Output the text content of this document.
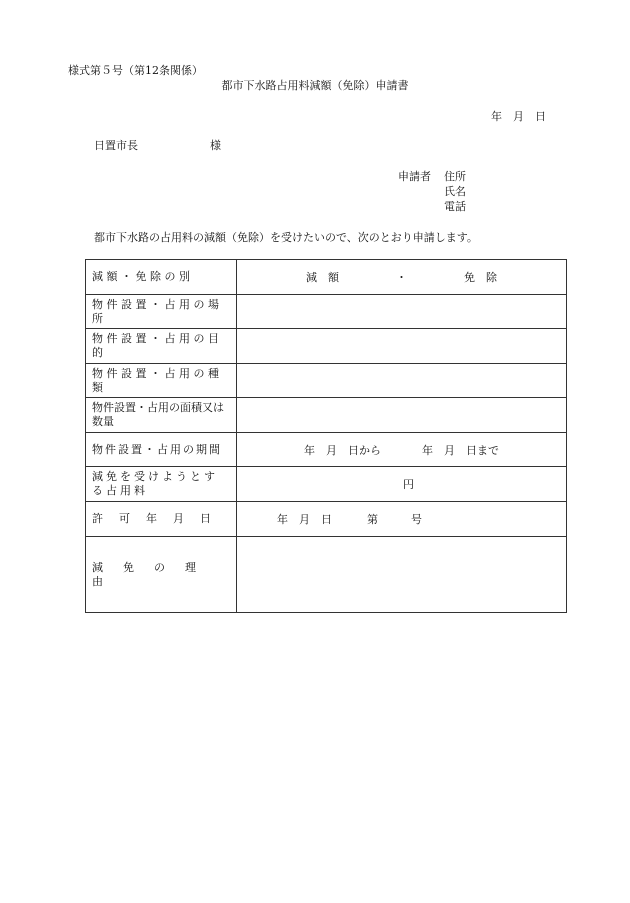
様式第５号（第12条関係）
都市下水路占用料減額（免除）申請書
年　月　日
日置市長	様
申請者 住所
氏名
電話
都市下水路の占用料の減額（免除）を受けたいので、次のとおり申請します。
減額・免除の別	減　額 ・ 免　除
物件設置・占用の場所	
物件設置・占用の目的	
物件設置・占用の種類	
物件設置・占用の面積又は数量	
物件設置・占用の期間	年　月　日から 年　月　日まで
減免を受けようとする占用料	円
許可年月日	年　月　日 第　　　号
減免の理由	
